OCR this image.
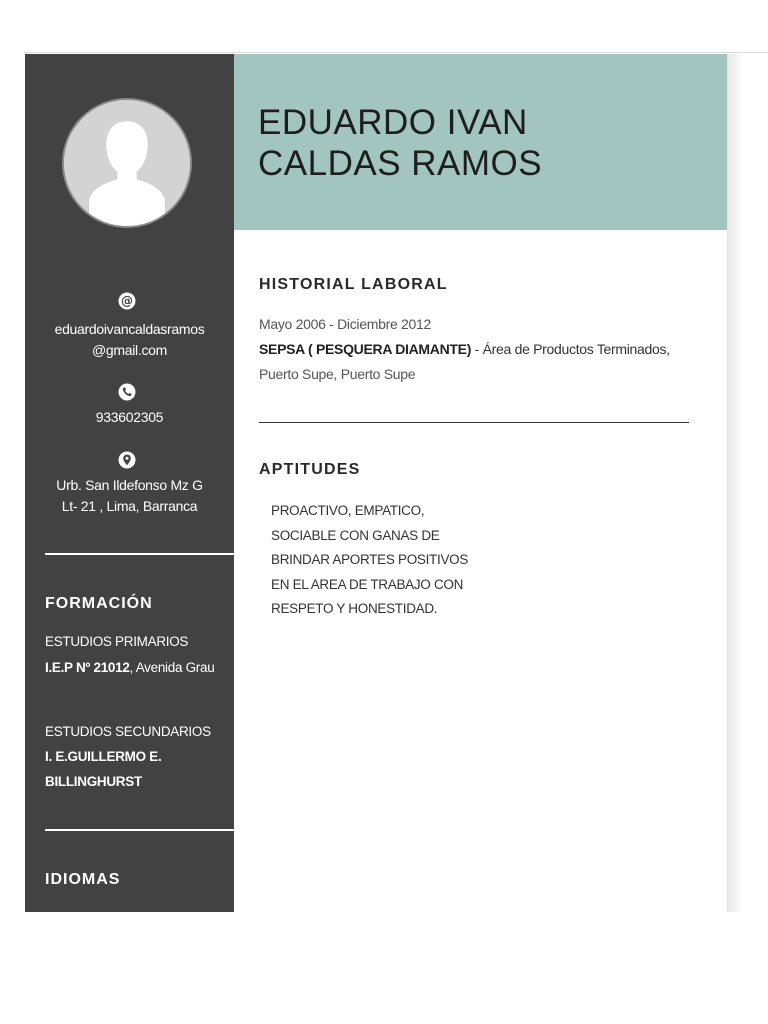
@
eduardoivancaldasramos
@gmail.com
933602305
Urb. San Ildefonso Mz G
Lt- 21 , Lima, Barranca
FORMACIÓN
ESTUDIOS PRIMARIOS
I.E.P Nº 21012, Avenida Grau
ESTUDIOS SECUNDARIOS
I. E.GUILLERMO E. BILLINGHURST
IDIOMAS
EDUARDO IVAN
CALDAS RAMOS
HISTORIAL LABORAL
Mayo 2006 - Diciembre 2012
SEPSA ( PESQUERA DIAMANTE) - Área de Productos Terminados,
Puerto Supe, Puerto Supe
APTITUDES
PROACTIVO, EMPATICO,
SOCIABLE CON GANAS DE
BRINDAR APORTES POSITIVOS
EN EL AREA DE TRABAJO CON
RESPETO Y HONESTIDAD.
